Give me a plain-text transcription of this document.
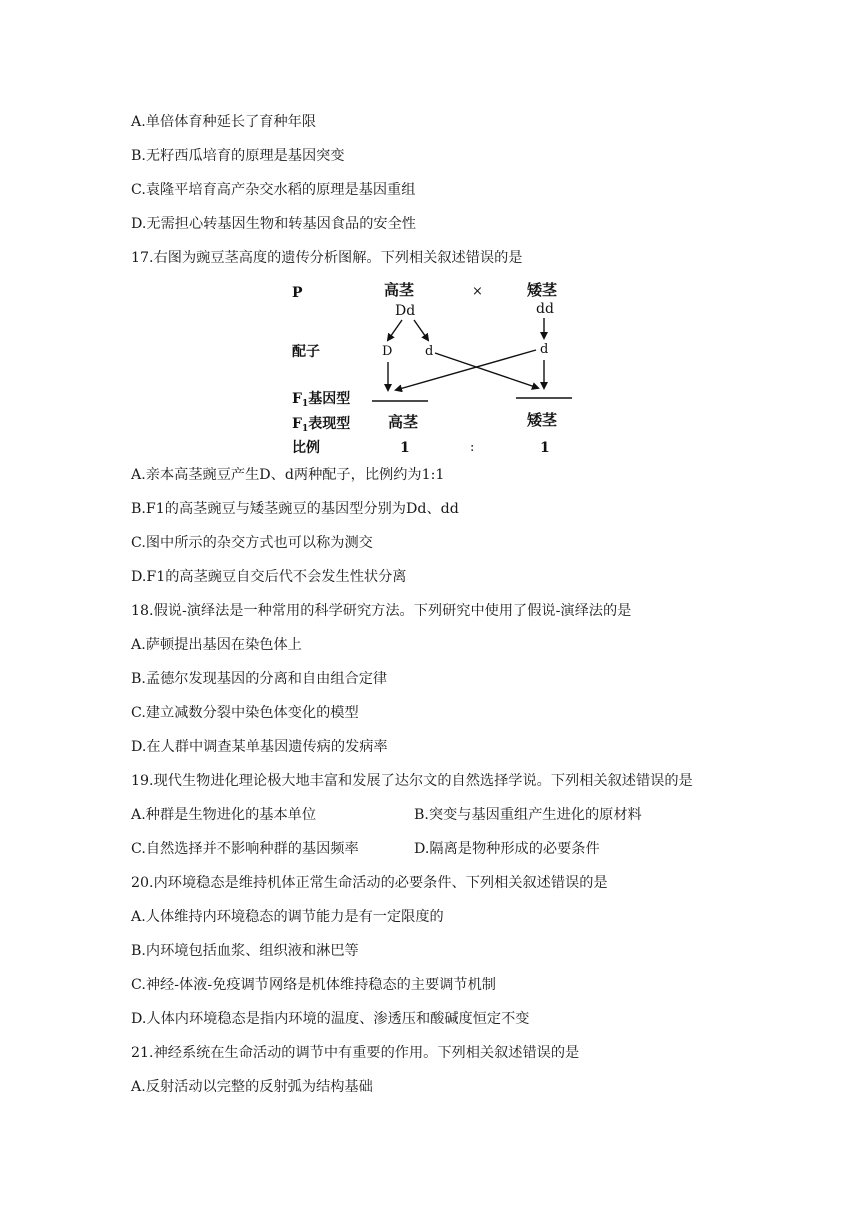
A.单倍体育种延长了育种年限
B.无籽西瓜培育的原理是基因突变
C.袁隆平培育高产杂交水稻的原理是基因重组
D.无需担心转基因生物和转基因食品的安全性
17.右图为豌豆茎高度的遗传分析图解。下列相关叙述错误的是
P	高茎	×	矮茎
Dd	dd
配子	D	d	d
$F_1$基因型
$F_1$表现型	高茎	矮茎
比例	1	:	1
A.亲本高茎豌豆产生D、d两种配子，比例约为1:1
B.F1的高茎豌豆与矮茎豌豆的基因型分别为Dd、dd
C.图中所示的杂交方式也可以称为测交
D.F1的高茎豌豆自交后代不会发生性状分离
18.假说-演绎法是一种常用的科学研究方法。下列研究中使用了假说-演绎法的是
A.萨顿提出基因在染色体上
B.孟德尔发现基因的分离和自由组合定律
C.建立减数分裂中染色体变化的模型
D.在人群中调查某单基因遗传病的发病率
19.现代生物进化理论极大地丰富和发展了达尔文的自然选择学说。下列相关叙述错误的是
A.种群是生物进化的基本单位	B.突变与基因重组产生进化的原材料
C.自然选择并不影响种群的基因频率	D.隔离是物种形成的必要条件
20.内环境稳态是维持机体正常生命活动的必要条件、下列相关叙述错误的是
A.人体维持内环境稳态的调节能力是有一定限度的
B.内环境包括血浆、组织液和淋巴等
C.神经-体液-免疫调节网络是机体维持稳态的主要调节机制
D.人体内环境稳态是指内环境的温度、渗透压和酸碱度恒定不变
21.神经系统在生命活动的调节中有重要的作用。下列相关叙述错误的是
A.反射活动以完整的反射弧为结构基础
